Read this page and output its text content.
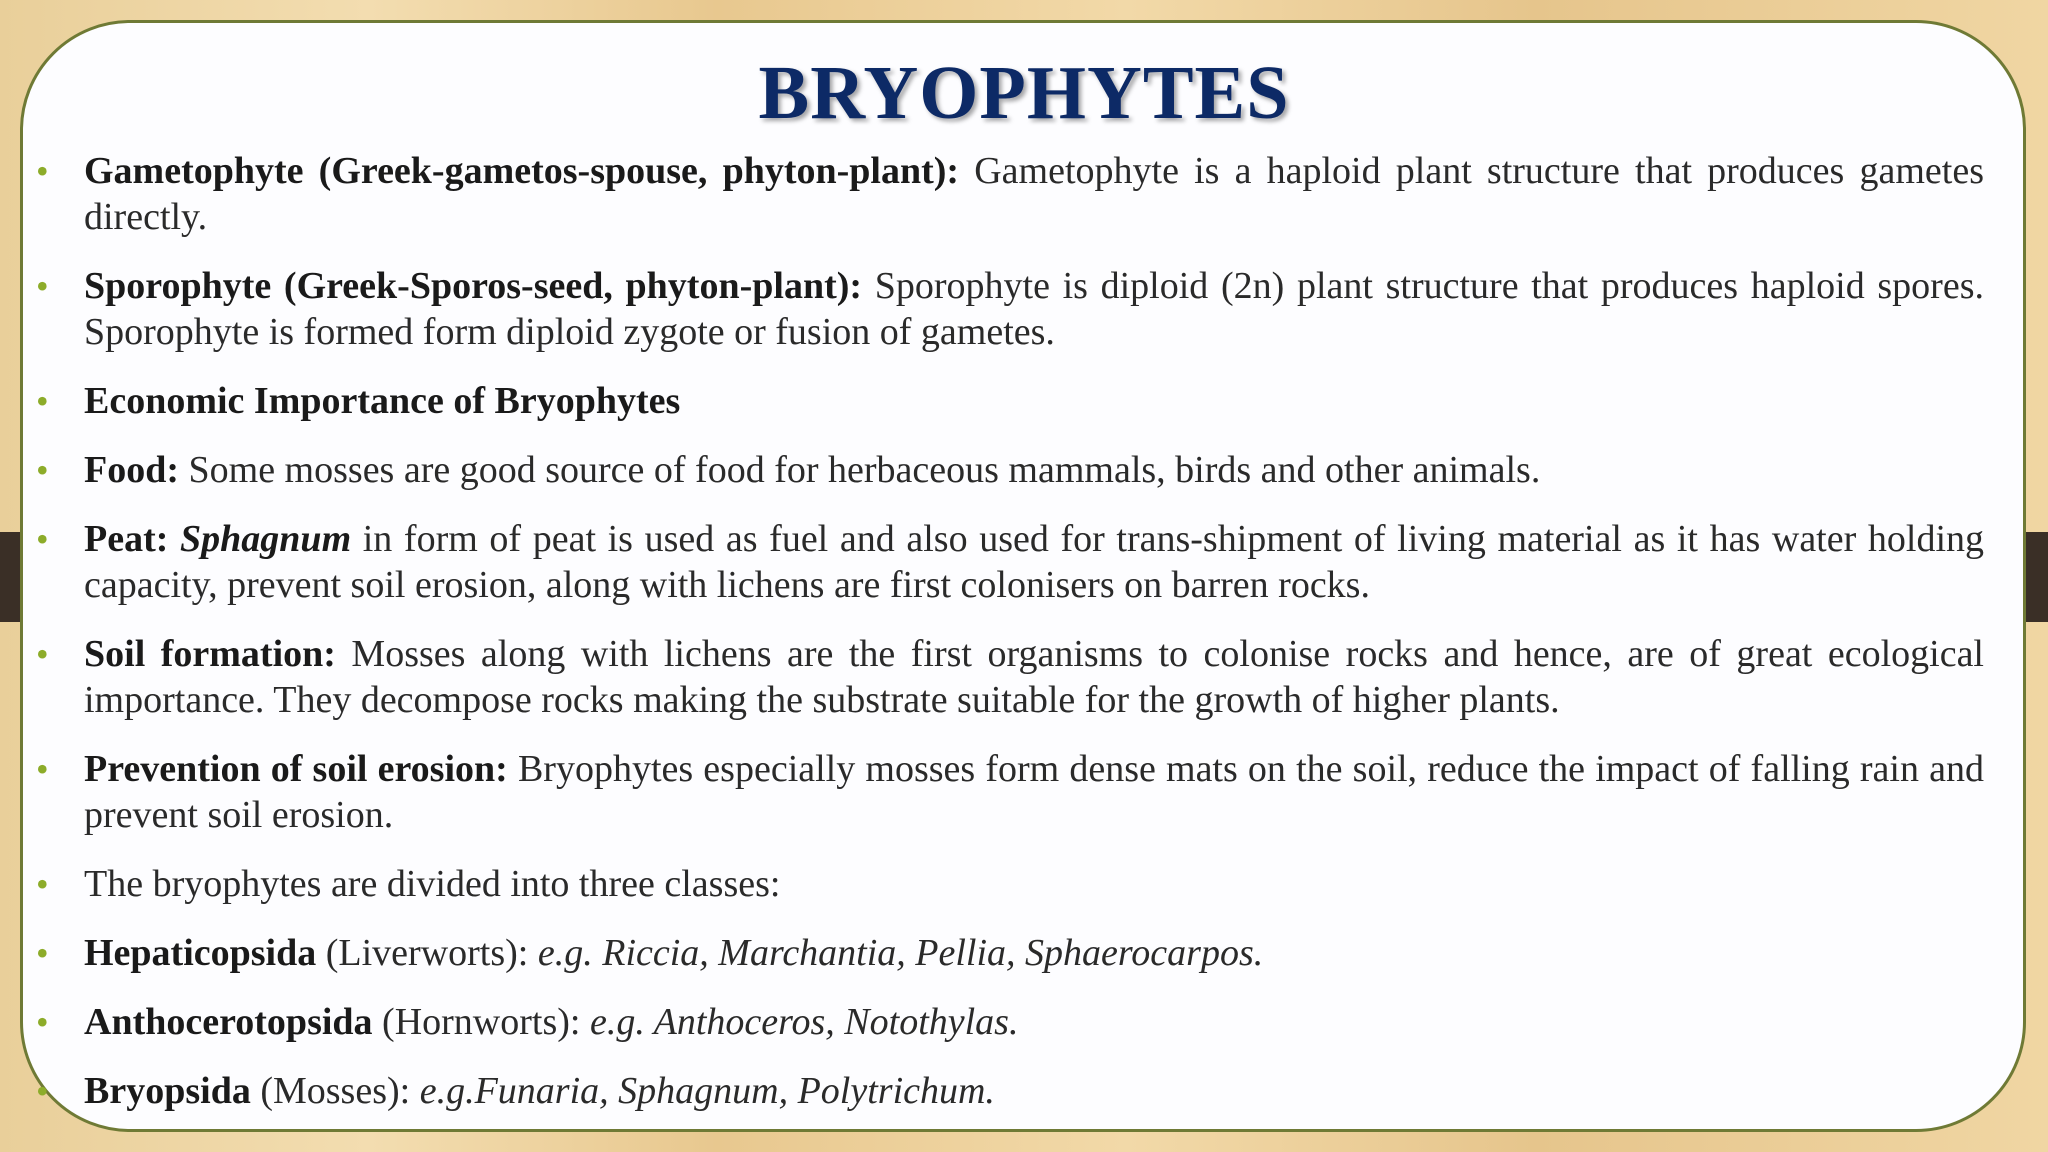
BRYOPHYTES
• Gametophyte (Greek-gametos-spouse, phyton-plant): Gametophyte is a haploid plant structure that produces gametes directly.
• Sporophyte (Greek-Sporos-seed, phyton-plant): Sporophyte is diploid (2n) plant structure that produces haploid spores. Sporophyte is formed form diploid zygote or fusion of gametes.
• Economic Importance of Bryophytes
• Food: Some mosses are good source of food for herbaceous mammals, birds and other animals.
• Peat: Sphagnum in form of peat is used as fuel and also used for trans-shipment of living material as it has water holding capacity, prevent soil erosion, along with lichens are first colonisers on barren rocks.
• Soil formation: Mosses along with lichens are the first organisms to colonise rocks and hence, are of great ecological importance. They decompose rocks making the substrate suitable for the growth of higher plants.
• Prevention of soil erosion: Bryophytes especially mosses form dense mats on the soil, reduce the impact of falling rain and prevent soil erosion.
• The bryophytes are divided into three classes:
• Hepaticopsida (Liverworts): e.g. Riccia, Marchantia, Pellia, Sphaerocarpos.
• Anthocerotopsida (Hornworts): e.g. Anthoceros, Notothylas.
• Bryopsida (Mosses): e.g.Funaria, Sphagnum, Polytrichum.
